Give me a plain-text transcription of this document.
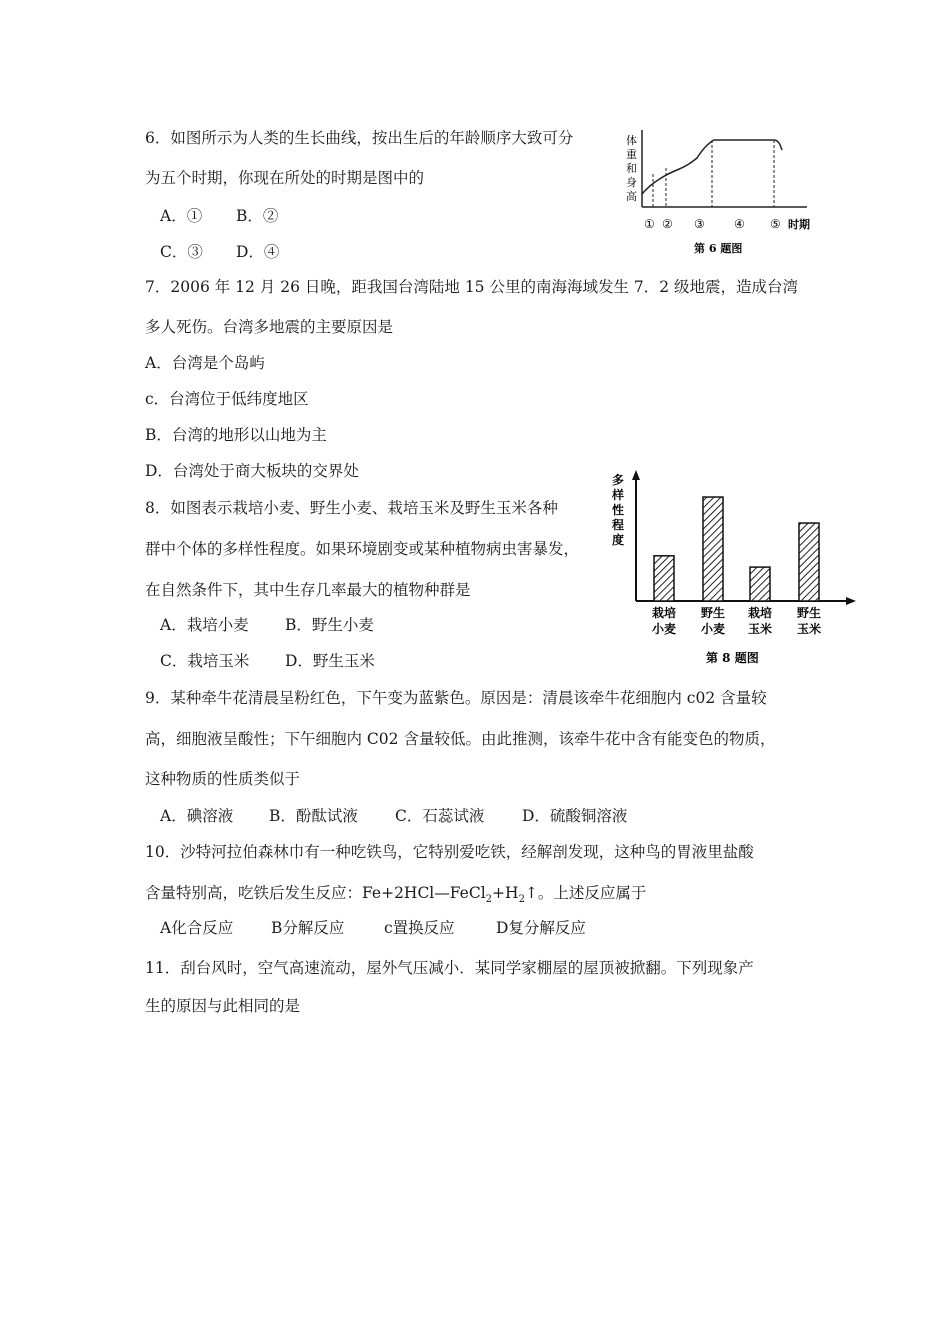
6．如图所示为人类的生长曲线，按出生后的年龄顺序大致可分
为五个时期，你现在所处的时期是图中的
A．① B．②
C．③ D．④
体
重
和
身
高
① ② ③ ④ ⑤ 时期
第 6 题图
7．2006 年 12 月 26 日晚，距我国台湾陆地 15 公里的南海海域发生 7．2 级地震，造成台湾
多人死伤。台湾多地震的主要原因是
A．台湾是个岛屿
c．台湾位于低纬度地区
B．台湾的地形以山地为主
D．台湾处于商大板块的交界处
8．如图表示栽培小麦、野生小麦、栽培玉米及野生玉米各种
群中个体的多样性程度。如果环境剧变或某种植物病虫害暴发，
在自然条件下，其中生存几率最大的植物种群是
A．栽培小麦 B．野生小麦
C．栽培玉米 D．野生玉米
多
样
性
程
度
栽培
小麦
野生
小麦
栽培
玉米
野生
玉米
第 8 题图
9．某种牵牛花清晨呈粉红色，下午变为蓝紫色。原因是：清晨该牵牛花细胞内 c02 含量较
高，细胞液呈酸性；下午细胞内 C02 含量较低。由此推测，该牵牛花中含有能变色的物质，
这种物质的性质类似于
A．碘溶液 B．酚酞试液 C．石蕊试液 D．硫酸铜溶液
10．沙特河拉伯森林巾有一种吃铁鸟，它特别爱吃铁，经解剖发现，这种鸟的胃液里盐酸
含量特别高，吃铁后发生反应：$Fe+2HCl—FeCl_2+H_2↑$。上述反应属于
A化合反应 B分解反应	c置换反应	D复分解反应
11．刮台风时，空气高速流动，屋外气压减小．某同学家棚屋的屋顶被掀翻。下列现象产
生的原因与此相同的是
